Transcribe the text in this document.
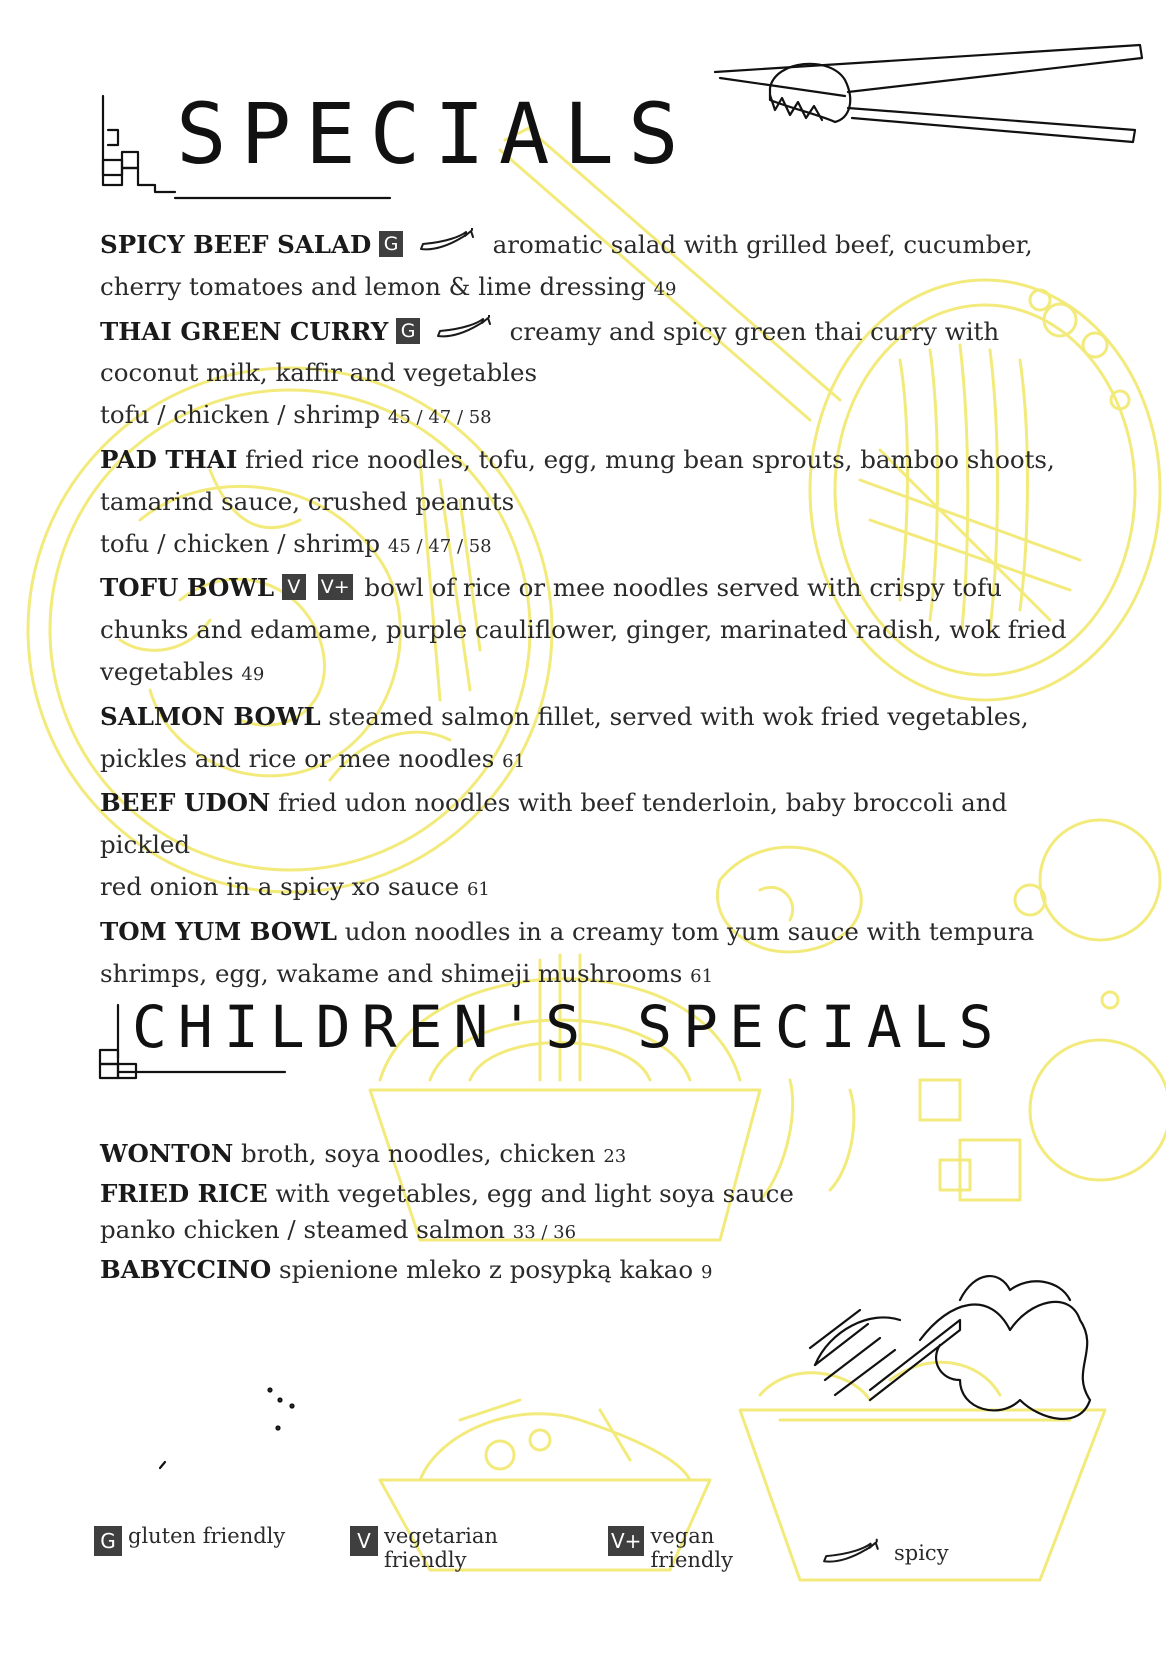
SPECIALS

SPICY BEEF SALAD G	aromatic salad with grilled beef, cucumber,
cherry tomatoes and lemon & lime dressing 49

THAI GREEN CURRY G	creamy and spicy green thai curry with
coconut milk, kaffir and vegetables
tofu / chicken / shrimp 45 / 47 / 58

PAD THAI fried rice noodles, tofu, egg, mung bean sprouts, bamboo shoots,
tamarind sauce, crushed peanuts
tofu / chicken / shrimp 45 / 47 / 58

TOFU BOWL V V+ bowl of rice or mee noodles served with crispy tofu
chunks and edamame, purple cauliflower, ginger, marinated radish, wok fried
vegetables 49

SALMON BOWL steamed salmon fillet, served with wok fried vegetables,
pickles and rice or mee noodles 61

BEEF UDON fried udon noodles with beef tenderloin, baby broccoli and pickled
red onion in a spicy xo sauce 61

TOM YUM BOWL udon noodles in a creamy tom yum sauce with tempura
shrimps, egg, wakame and shimeji mushrooms 61

CHILDREN'S SPECIALS

WONTON broth, soya noodles, chicken 23

FRIED RICE with vegetables, egg and light soya sauce
panko chicken / steamed salmon 33 / 36

BABYCCINO spienione mleko z posypką kakao 9

G gluten friendly	V vegetarian
friendly
V+ vegan
friendly	spicy
